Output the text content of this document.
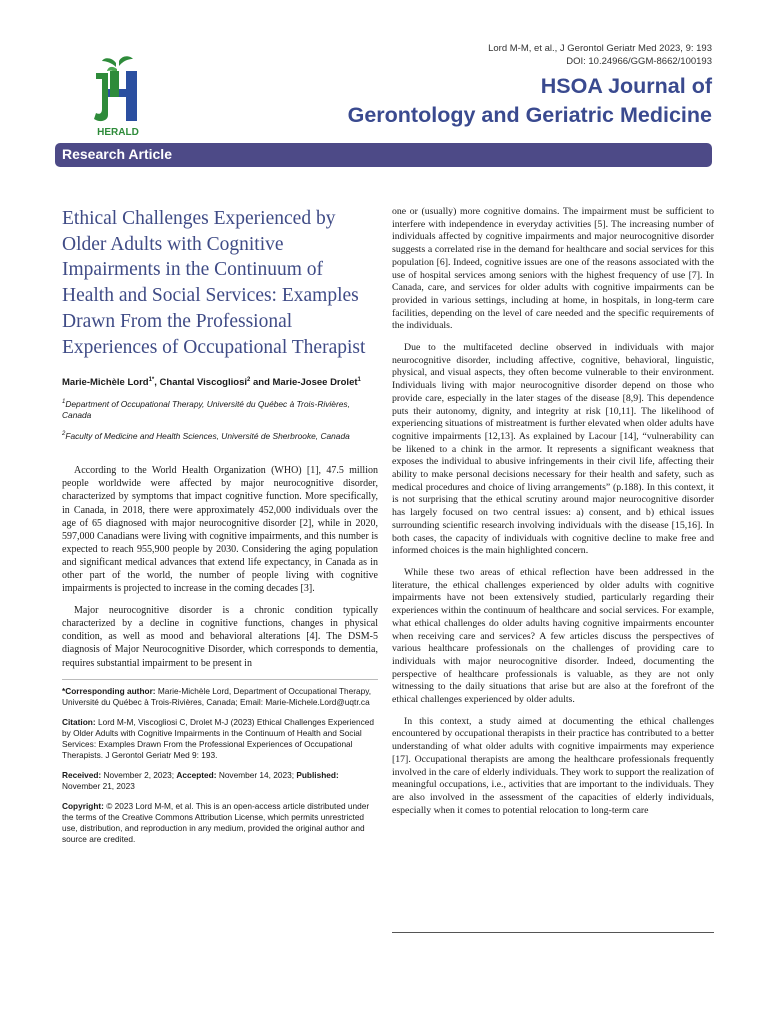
HERALD
Lord M-M, et al., J Gerontol Geriatr Med 2023, 9: 193
DOI: 10.24966/GGM-8662/100193
HSOA Journal of
Gerontology and Geriatric Medicine
Research Article
Ethical Challenges Experienced by Older Adults with Cognitive Impairments in the Continuum of Health and Social Services: Examples Drawn From the Professional Experiences of Occupational Therapist
Marie-Michèle Lord$^{1*}$, Chantal Viscogliosi$^2$ and Marie-Josee Drolet$^1$
$^1$Department of Occupational Therapy, Université du Québec à Trois-Rivières, Canada
$^2$Faculty of Medicine and Health Sciences, Université de Sherbrooke, Canada

According to the World Health Organization (WHO) [1], 47.5 million people worldwide were affected by major neurocognitive disorder, characterized by symptoms that impact cognitive function. More specifically, in Canada, in 2018, there were approximately 452,000 individuals over the age of 65 diagnosed with major neurocognitive disorder [2], while in 2020, 597,000 Canadians were living with cognitive impairments, and this number is expected to reach 955,900 people by 2030. Considering the aging population and significant medical advances that extend life expectancy, in Canada as in other part of the world, the number of people living with cognitive impairments is projected to increase in the coming decades [3].

Major neurocognitive disorder is a chronic condition typically characterized by a decline in cognitive functions, changes in physical condition, as well as mood and behavioral alterations [4]. The DSM-5 diagnosis of Major Neurocognitive Disorder, which corresponds to dementia, requires substantial impairment to be present in

*Corresponding author: Marie-Michèle Lord, Department of Occupational Therapy, Université du Québec à Trois-Rivières, Canada; Email: Marie-Michele.Lord@uqtr.ca
Citation: Lord M-M, Viscogliosi C, Drolet M-J (2023) Ethical Challenges Experienced by Older Adults with Cognitive Impairments in the Continuum of Health and Social Services: Examples Drawn From the Professional Experiences of Occupational Therapists. J Gerontol Geriatr Med 9: 193.
Received: November 2, 2023; Accepted: November 14, 2023; Published: November 21, 2023
Copyright: © 2023 Lord M-M, et al. This is an open-access article distributed under the terms of the Creative Commons Attribution License, which permits unrestricted use, distribution, and reproduction in any medium, provided the original author and source are credited.

one or (usually) more cognitive domains. The impairment must be sufficient to interfere with independence in everyday activities [5]. The increasing number of individuals affected by cognitive impairments and major neurocognitive disorder suggests a correlated rise in the demand for healthcare and social services for this population [6]. Indeed, cognitive issues are one of the reasons associated with the use of hospital services among seniors with the highest frequency of use [7]. In Canada, care, and services for older adults with cognitive impairments can be provided in various settings, including at home, in hospitals, in long-term care facilities, depending on the level of care needed and the specific requirements of the individuals.

Due to the multifaceted decline observed in individuals with major neurocognitive disorder, including affective, cognitive, behavioral, linguistic, physical, and visual aspects, they often become vulnerable to their environment. Individuals living with major neurocognitive disorder depend on those who provide care, especially in the later stages of the disease [8,9]. This dependence puts their autonomy, dignity, and integrity at risk [10,11]. The likelihood of experiencing situations of mistreatment is further elevated when older adults have cognitive impairments [12,13]. As explained by Lacour [14], “vulnerability can be likened to a chink in the armor. It represents a significant weakness that exposes the individual to abusive infringements in their civil life, affecting their ability to make personal decisions necessary for their health and safety, such as medical procedures and choice of living arrangements” (p.188). In this context, it is not surprising that the ethical scrutiny around major neurocognitive disorder has largely focused on two central issues: a) consent, and b) ethical issues surrounding scientific research involving individuals with the disease [15,16]. In both cases, the capacity of individuals with cognitive decline to make free and informed choices is the main highlighted concern.

While these two areas of ethical reflection have been addressed in the literature, the ethical challenges experienced by older adults with cognitive impairments have not been extensively studied, particularly regarding their experiences within the continuum of healthcare and social services. For example, what ethical challenges do older adults having cognitive impairments encounter when receiving care and services? A few articles discuss the perspectives of various healthcare professionals on the challenges of providing care to individuals with major neurocognitive disorder. Indeed, documenting the perspective of healthcare professionals is valuable, as they are not only witnessing to the daily situations that arise but are also at the forefront of the ethical challenges experienced by older adults.

In this context, a study aimed at documenting the ethical challenges encountered by occupational therapists in their practice has contributed to a better understanding of what older adults with cognitive impairments may experience [17]. Occupational therapists are among the healthcare professionals frequently involved in the care of elderly individuals. They work to support the realization of meaningful occupations, i.e., activities that are important to the individuals. They are also involved in the assessment of the capacities of elderly individuals, especially when it comes to potential relocation to long-term care
